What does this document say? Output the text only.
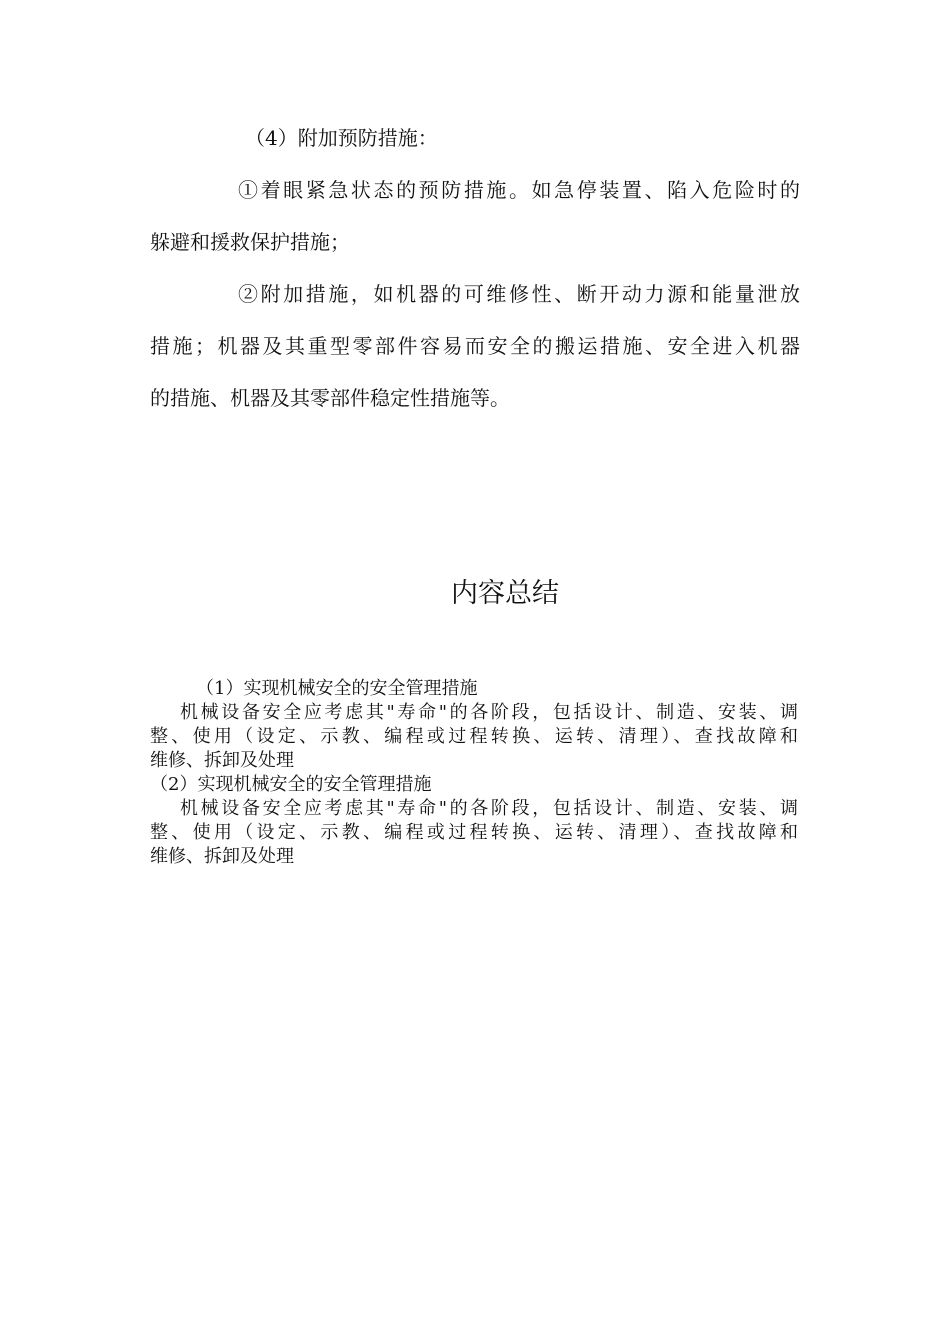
（4）附加预防措施：

①着眼紧急状态的预防措施。如急停装置、陷入危险时的

躲避和援救保护措施；

②附加措施，如机器的可维修性、断开动力源和能量泄放

措施；机器及其重型零部件容易而安全的搬运措施、安全进入机器

的措施、机器及其零部件稳定性措施等。

内容总结

（1）实现机械安全的安全管理措施

机械设备安全应考虑其"寿命"的各阶段，包括设计、制造、安装、调

整、使用（设定、示教、编程或过程转换、运转、清理）、查找故障和

维修、拆卸及处理

（2）实现机械安全的安全管理措施

机械设备安全应考虑其"寿命"的各阶段，包括设计、制造、安装、调

整、使用（设定、示教、编程或过程转换、运转、清理）、查找故障和

维修、拆卸及处理
